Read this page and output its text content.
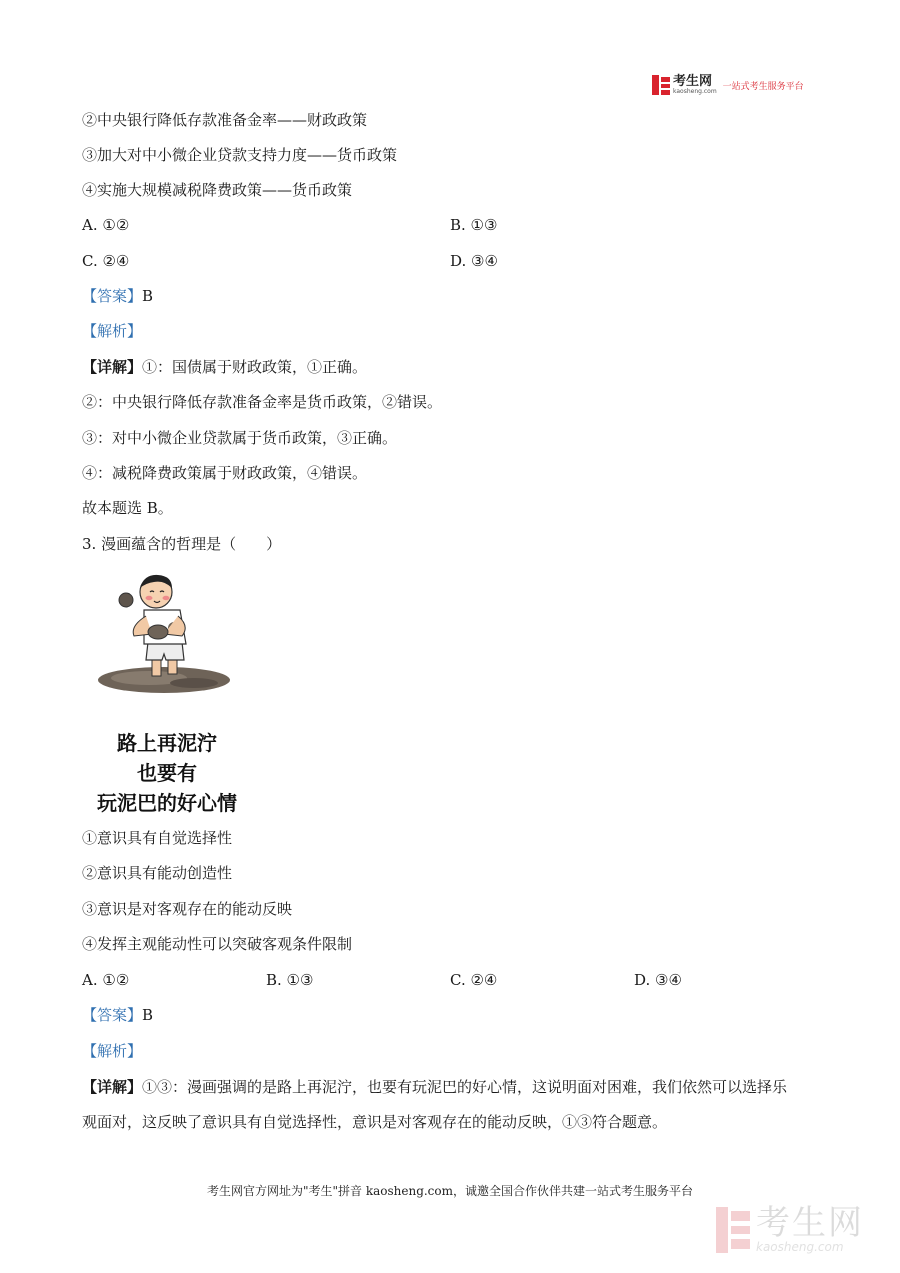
考生网
kaosheng.com 一站式考生服务平台
②中央银行降低存款准备金率——财政政策
③加大对中小微企业贷款支持力度——货币政策
④实施大规模减税降费政策——货币政策
A. ①②	B. ①③
C. ②④	D. ③④
【答案】B
【解析】
【详解】①：国债属于财政政策，①正确。
②：中央银行降低存款准备金率是货币政策，②错误。
③：对中小微企业贷款属于货币政策，③正确。
④：减税降费政策属于财政政策，④错误。
故本题选 B。
3. 漫画蕴含的哲理是（　　）
路上再泥泞
也要有
玩泥巴的好心情
①意识具有自觉选择性
②意识具有能动创造性
③意识是对客观存在的能动反映
④发挥主观能动性可以突破客观条件限制
A. ①②	B. ①③	C. ②④	D. ③④
【答案】B
【解析】
【详解】①③：漫画强调的是路上再泥泞，也要有玩泥巴的好心情，这说明面对困难，我们依然可以选择乐
观面对，这反映了意识具有自觉选择性，意识是对客观存在的能动反映，①③符合题意。
考生网官方网址为"考生"拼音 kaosheng.com，诚邀全国合作伙伴共建一站式考生服务平台
考生网
kaosheng.com
